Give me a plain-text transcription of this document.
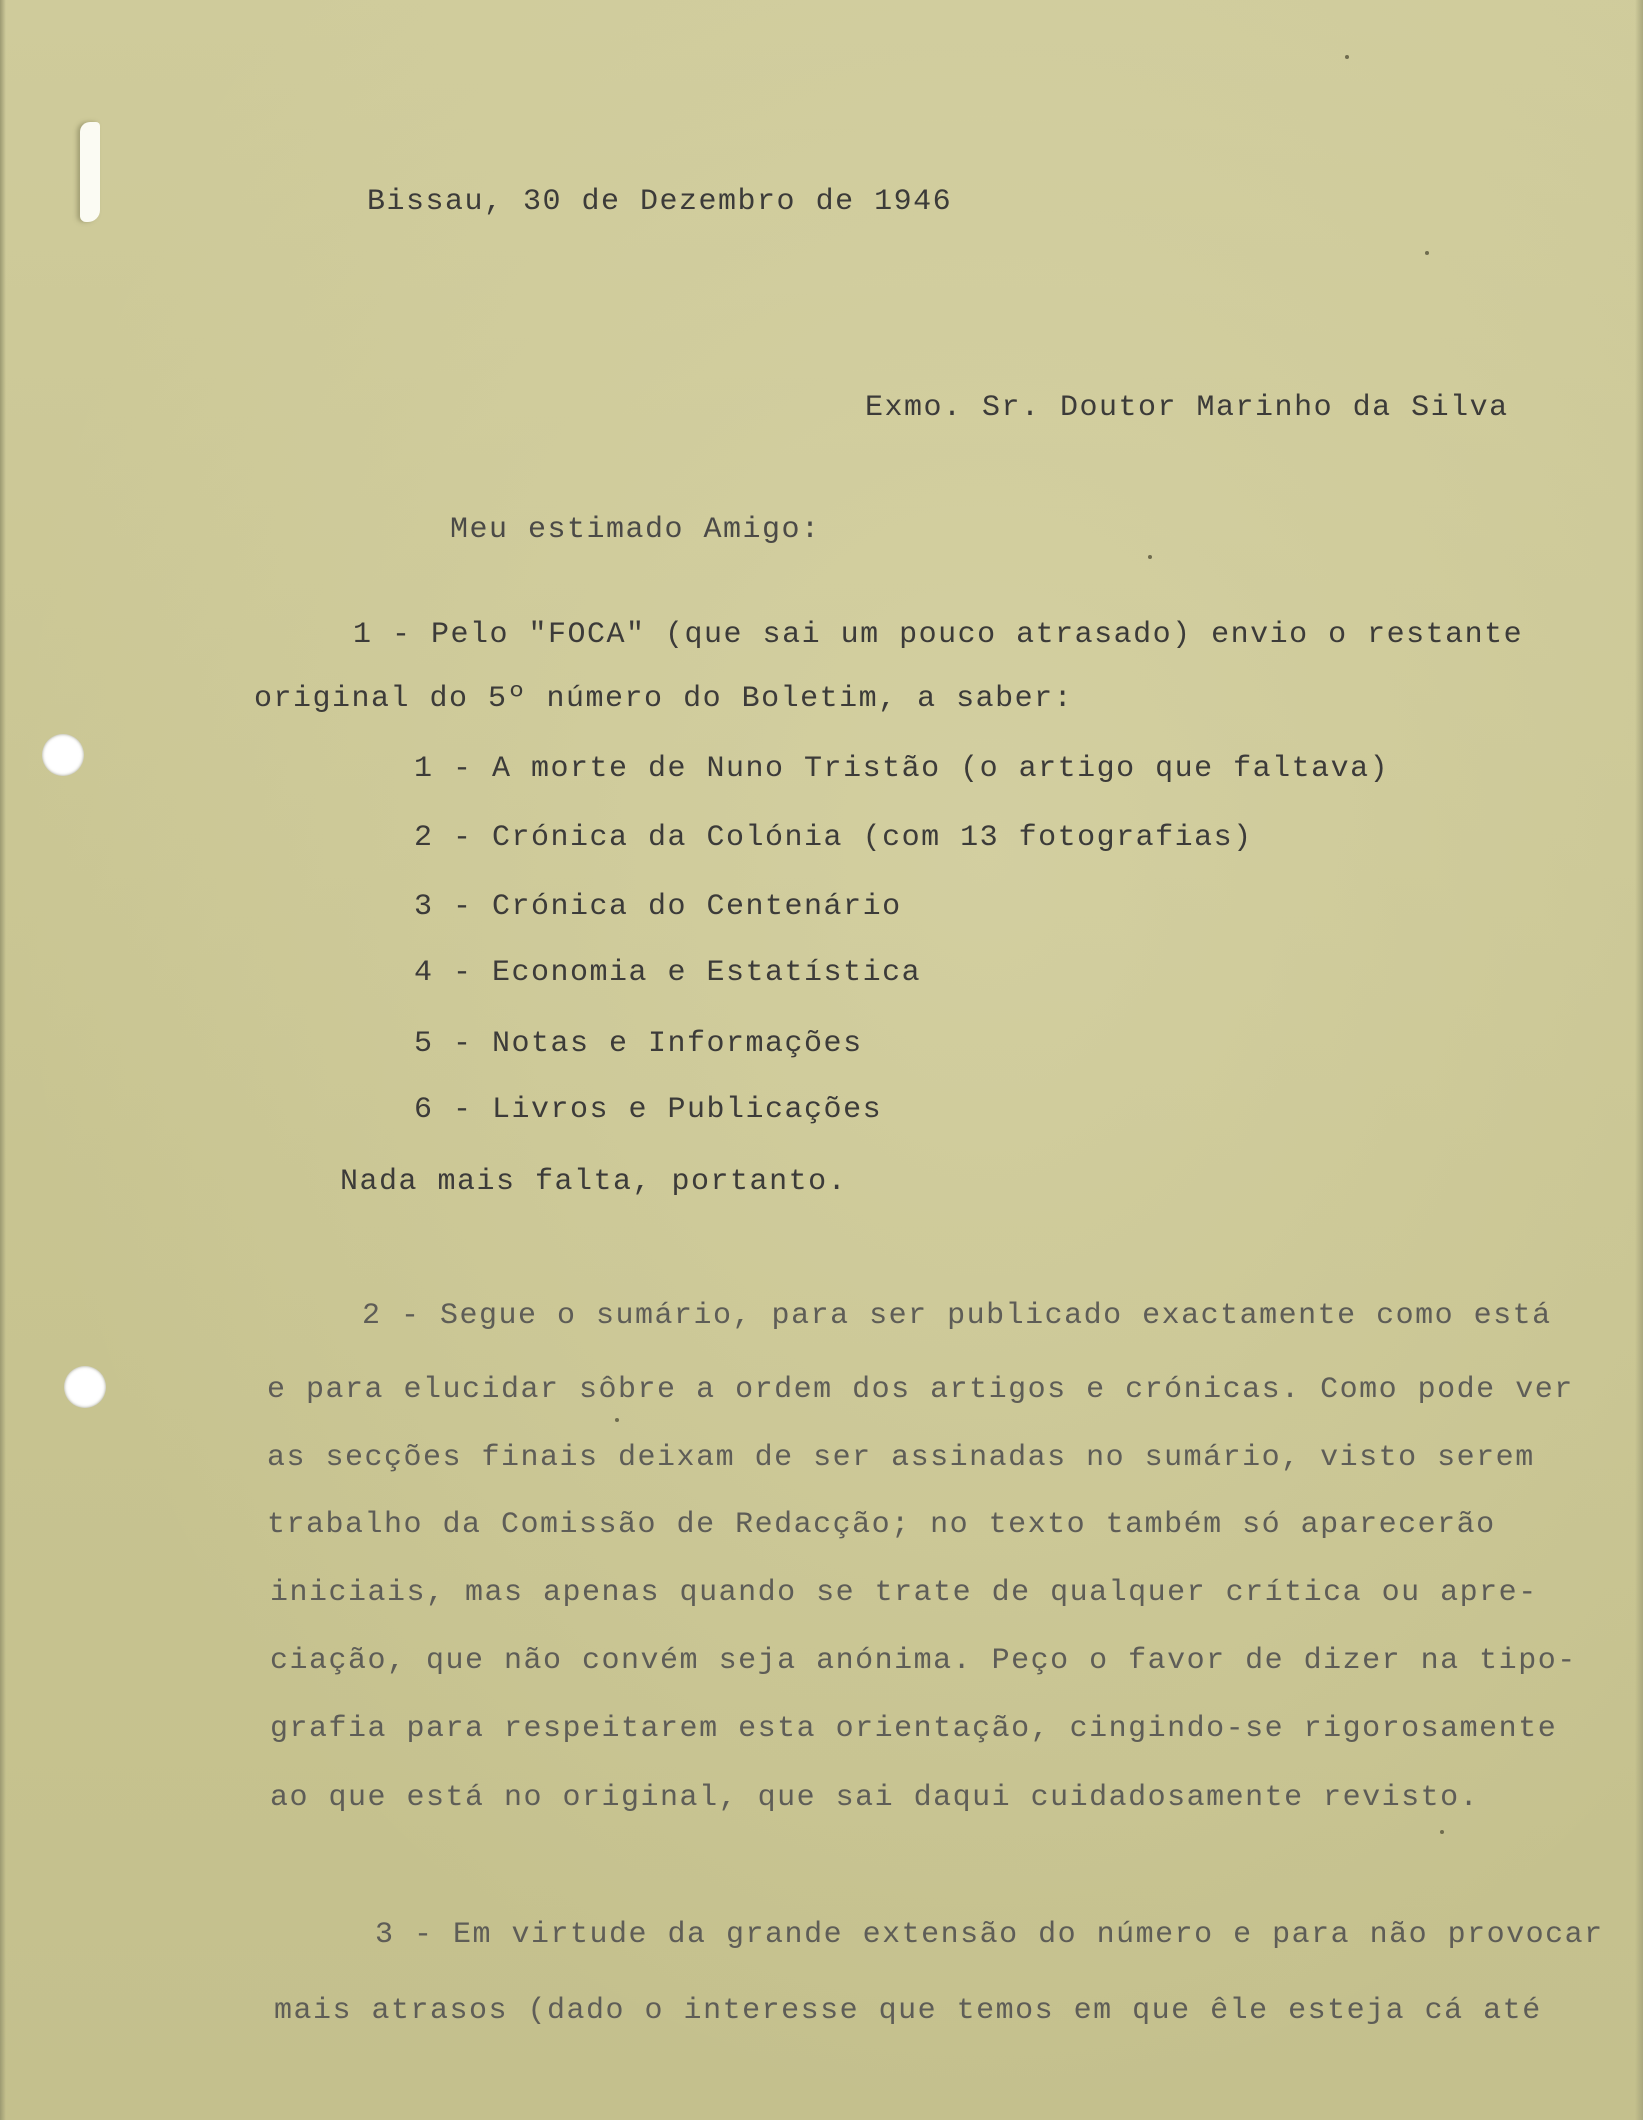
Bissau, 30 de Dezembro de 1946
Exmo. Sr. Doutor Marinho da Silva
Meu estimado Amigo:
1 - Pelo "FOCA" (que sai um pouco atrasado) envio o restante
original do 5º número do Boletim, a saber:
1 - A morte de Nuno Tristão (o artigo que faltava)
2 - Crónica da Colónia (com 13 fotografias)
3 - Crónica do Centenário
4 - Economia e Estatística
5 - Notas e Informações
6 - Livros e Publicações
Nada mais falta, portanto.
2 - Segue o sumário, para ser publicado exactamente como está
e para elucidar sôbre a ordem dos artigos e crónicas. Como pode ver
as secções finais deixam de ser assinadas no sumário, visto serem
trabalho da Comissão de Redacção; no texto também só aparecerão
iniciais, mas apenas quando se trate de qualquer crítica ou apre-
ciação, que não convém seja anónima. Peço o favor de dizer na tipo-
grafia para respeitarem esta orientação, cingindo-se rigorosamente
ao que está no original, que sai daqui cuidadosamente revisto.
3 - Em virtude da grande extensão do número e para não provocar
mais atrasos (dado o interesse que temos em que êle esteja cá até
